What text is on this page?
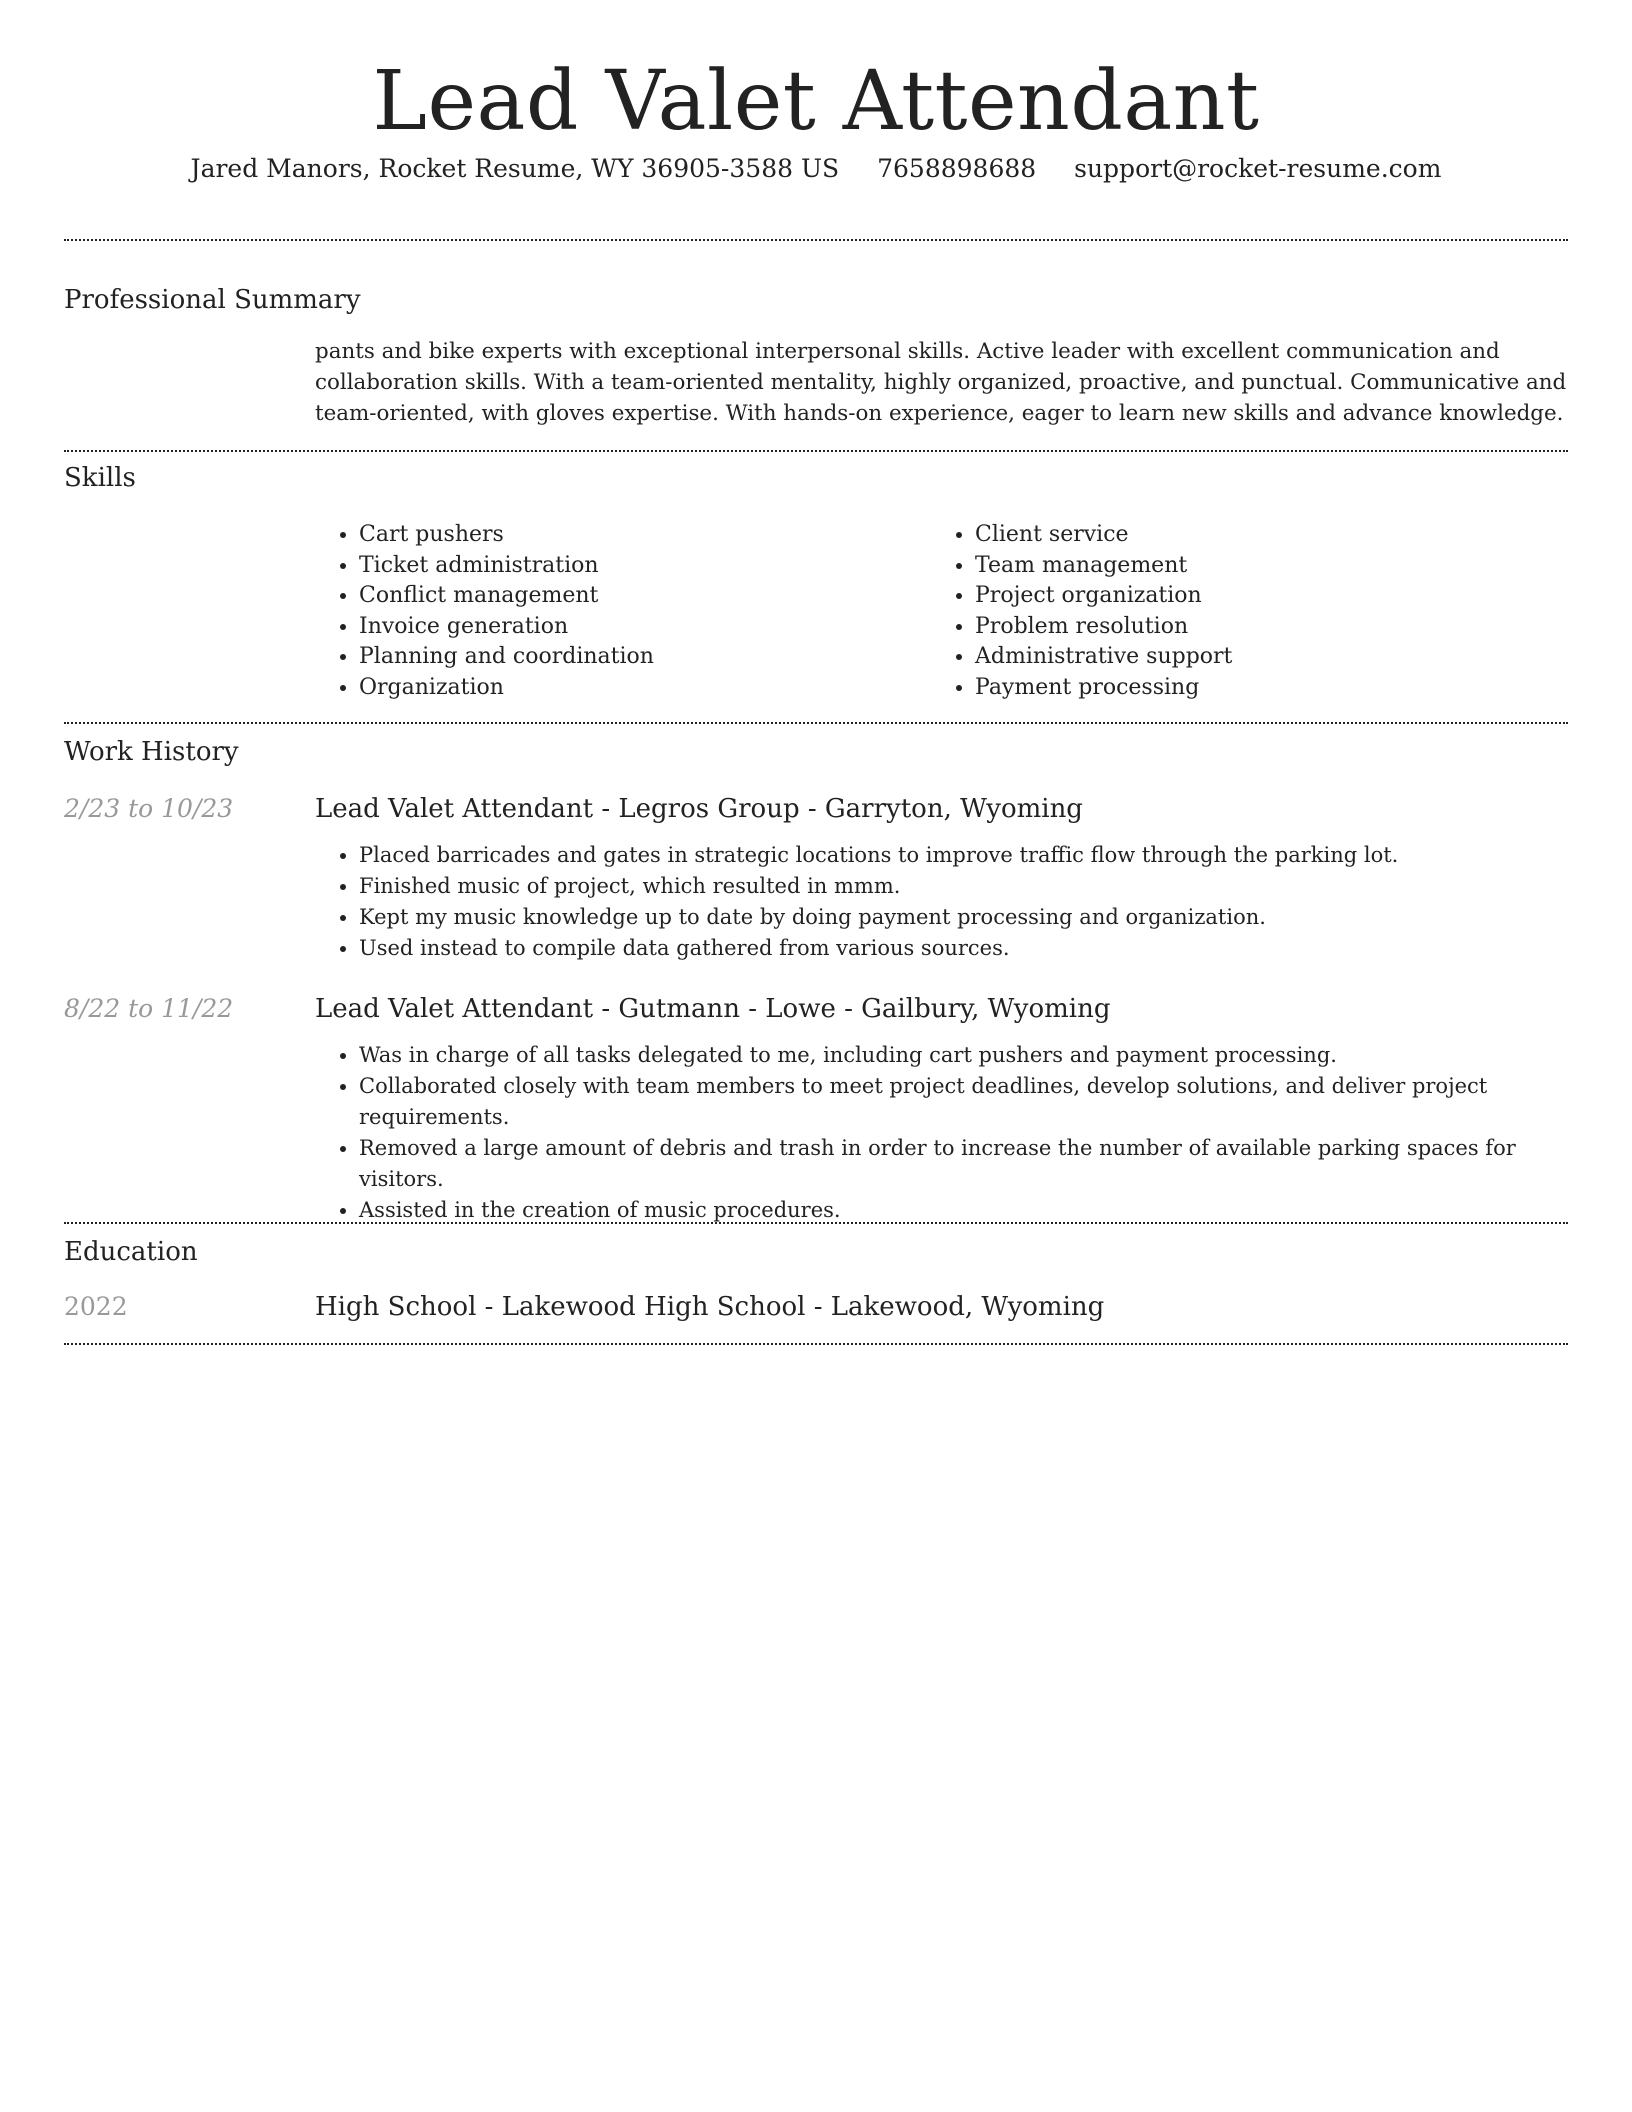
Lead Valet Attendant
Jared Manors, Rocket Resume, WY 36905-3588 US 7658898688 support@rocket-resume.com
Professional Summary
pants and bike experts with exceptional interpersonal skills. Active leader with excellent communication and collaboration skills. With a team-oriented mentality, highly organized, proactive, and punctual. Communicative and team-oriented, with gloves expertise. With hands-on experience, eager to learn new skills and advance knowledge.
Skills
• Cart pushers
• Ticket administration
• Conflict management
• Invoice generation
• Planning and coordination
• Organization
• Client service
• Team management
• Project organization
• Problem resolution
• Administrative support
• Payment processing
Work History
2/23 to 10/23	Lead Valet Attendant - Legros Group - Garryton, Wyoming
• Placed barricades and gates in strategic locations to improve traffic flow through the parking lot.
• Finished music of project, which resulted in mmm.
• Kept my music knowledge up to date by doing payment processing and organization.
• Used instead to compile data gathered from various sources.
8/22 to 11/22	Lead Valet Attendant - Gutmann - Lowe - Gailbury, Wyoming
• Was in charge of all tasks delegated to me, including cart pushers and payment processing.
• Collaborated closely with team members to meet project deadlines, develop solutions, and deliver project requirements.
• Removed a large amount of debris and trash in order to increase the number of available parking spaces for visitors.
• Assisted in the creation of music procedures.
Education
2022	High School - Lakewood High School - Lakewood, Wyoming
